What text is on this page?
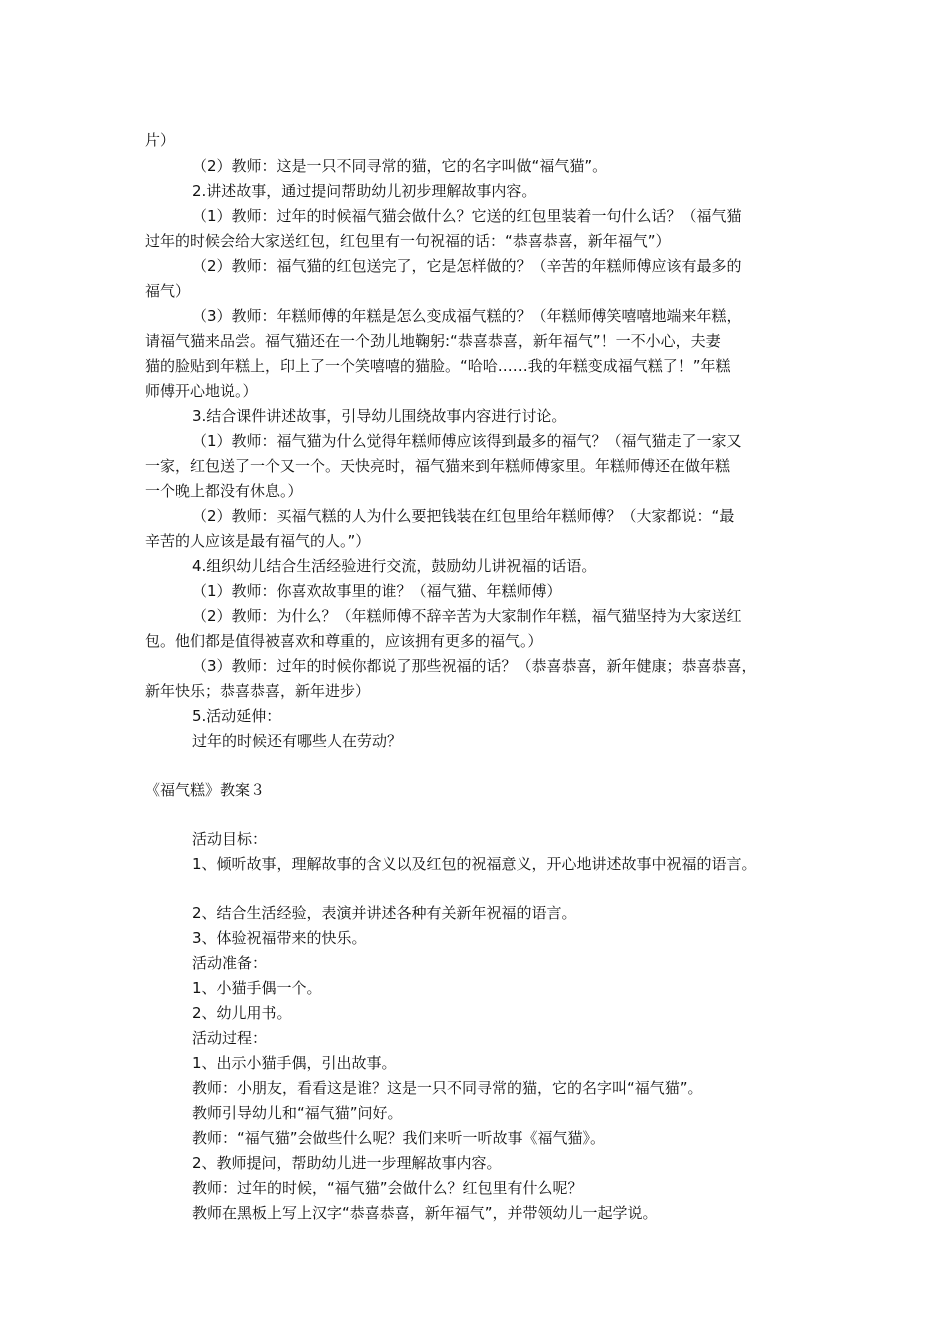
片）
（2）教师：这是一只不同寻常的猫，它的名字叫做“福气猫”。
2.讲述故事，通过提问帮助幼儿初步理解故事内容。
（1）教师：过年的时候福气猫会做什么？它送的红包里装着一句什么话？（福气猫
过年的时候会给大家送红包，红包里有一句祝福的话：“恭喜恭喜，新年福气”）
（2）教师：福气猫的红包送完了，它是怎样做的？（辛苦的年糕师傅应该有最多的
福气）
（3）教师：年糕师傅的年糕是怎么变成福气糕的？（年糕师傅笑嘻嘻地端来年糕，
请福气猫来品尝。福气猫还在一个劲儿地鞠躬:“恭喜恭喜，新年福气”！一不小心，夫妻
猫的脸贴到年糕上，印上了一个笑嘻嘻的猫脸。“哈哈……我的年糕变成福气糕了！”年糕
师傅开心地说。）
3.结合课件讲述故事，引导幼儿围绕故事内容进行讨论。
（1）教师：福气猫为什么觉得年糕师傅应该得到最多的福气？（福气猫走了一家又
一家，红包送了一个又一个。天快亮时，福气猫来到年糕师傅家里。年糕师傅还在做年糕
一个晚上都没有休息。）
（2）教师：买福气糕的人为什么要把钱装在红包里给年糕师傅？（大家都说：“最
辛苦的人应该是最有福气的人。”）
4.组织幼儿结合生活经验进行交流，鼓励幼儿讲祝福的话语。
（1）教师：你喜欢故事里的谁？（福气猫、年糕师傅）
（2）教师：为什么？（年糕师傅不辞辛苦为大家制作年糕，福气猫坚持为大家送红
包。他们都是值得被喜欢和尊重的，应该拥有更多的福气。）
（3）教师：过年的时候你都说了那些祝福的话？（恭喜恭喜，新年健康；恭喜恭喜，
新年快乐；恭喜恭喜，新年进步）
5.活动延伸：
过年的时候还有哪些人在劳动？
《福气糕》教案３
活动目标：
1、倾听故事，理解故事的含义以及红包的祝福意义，开心地讲述故事中祝福的语言。
2、结合生活经验，表演并讲述各种有关新年祝福的语言。
3、体验祝福带来的快乐。
活动准备：
1、小猫手偶一个。
2、幼儿用书。
活动过程：
1、出示小猫手偶，引出故事。
教师：小朋友，看看这是谁？这是一只不同寻常的猫，它的名字叫“福气猫”。
教师引导幼儿和“福气猫”问好。
教师：“福气猫”会做些什么呢？我们来听一听故事《福气猫》。
2、教师提问，帮助幼儿进一步理解故事内容。
教师：过年的时候，“福气猫”会做什么？红包里有什么呢？
教师在黑板上写上汉字“恭喜恭喜，新年福气”，并带领幼儿一起学说。
